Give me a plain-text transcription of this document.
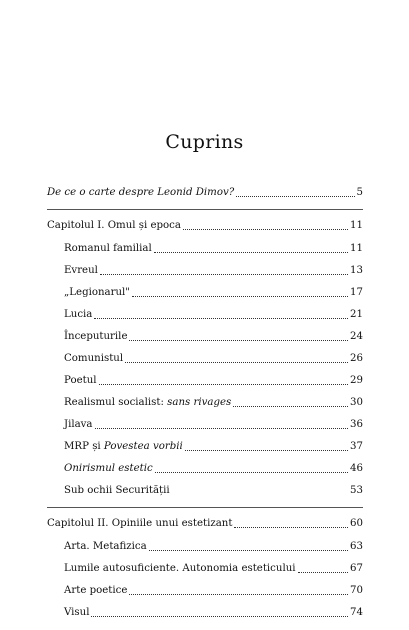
Cuprins
De ce o carte despre Leonid Dimov?	5
Capitolul I. Omul și epoca	11
Romanul familial	11
Evreul	13
„Legionarul"	17
Lucia	21
Începuturile	24
Comunistul	26
Poetul	29
Realismul socialist: sans rivages	30
Jilava	36
MRP și Povestea vorbii	37
Onirismul estetic	46
Sub ochii Securității	53
Capitolul II. Opiniile unui estetizant	60
Arta. Metafizica	63
Lumile autosuficiente. Autonomia esteticului	67
Arte poetice	70
Visul	74
